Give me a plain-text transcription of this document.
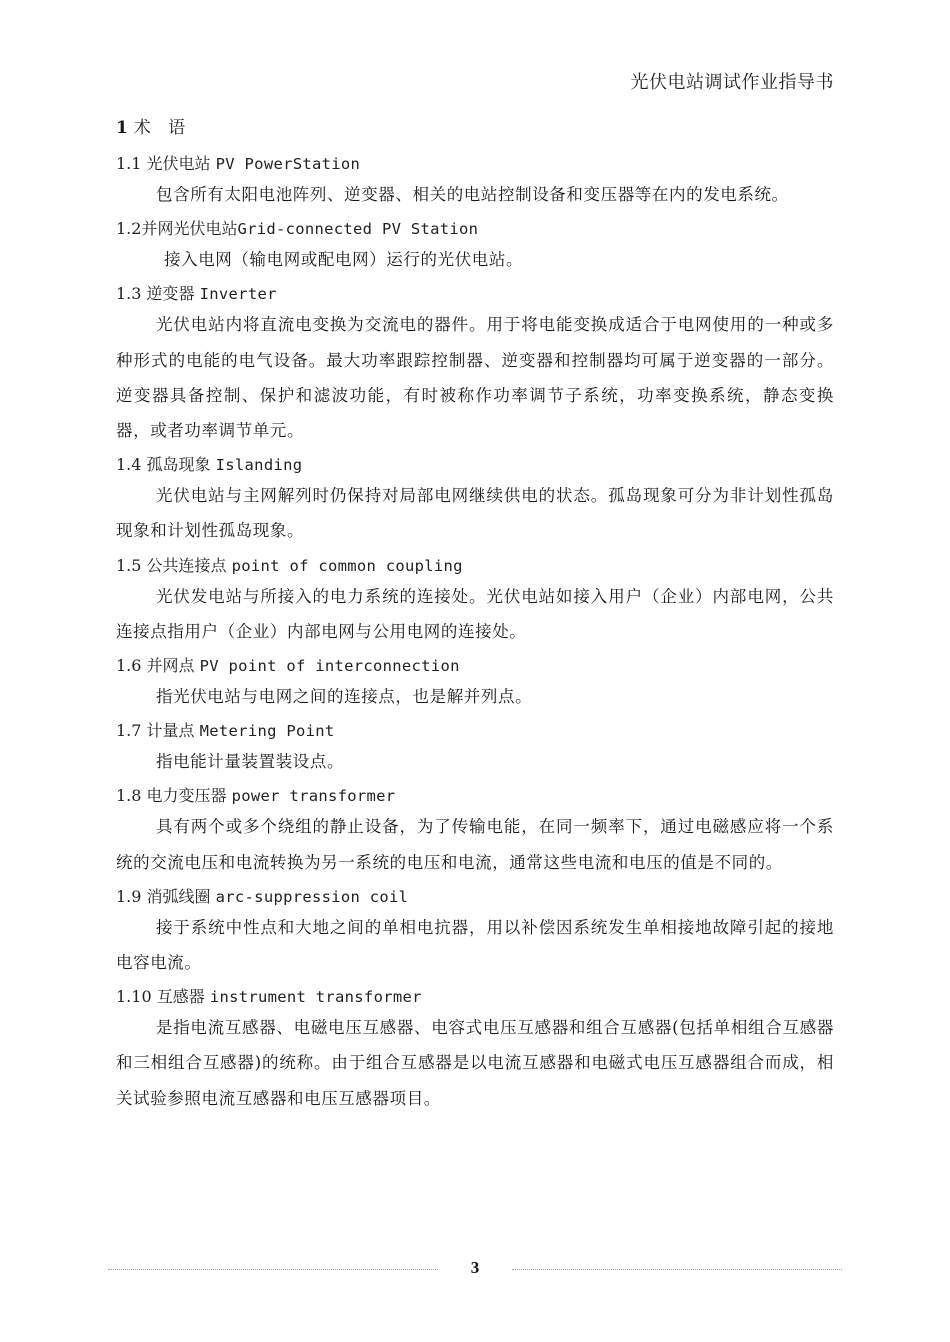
光伏电站调试作业指导书
1 术 语
1.1 光伏电站 PV PowerStation

包含所有太阳电池阵列、逆变器、相关的电站控制设备和变压器等在内的发电系统。

1.2并网光伏电站Grid-connected PV Station

接入电网（输电网或配电网）运行的光伏电站。

1.3 逆变器 Inverter

光伏电站内将直流电变换为交流电的器件。用于将电能变换成适合于电网使用的一种或多种形式的电能的电气设备。最大功率跟踪控制器、逆变器和控制器均可属于逆变器的一部分。逆变器具备控制、保护和滤波功能，有时被称作功率调节子系统，功率变换系统，静态变换器，或者功率调节单元。

1.4 孤岛现象 Islanding

光伏电站与主网解列时仍保持对局部电网继续供电的状态。孤岛现象可分为非计划性孤岛现象和计划性孤岛现象。

1.5 公共连接点 point of common coupling

光伏发电站与所接入的电力系统的连接处。光伏电站如接入用户（企业）内部电网，公共连接点指用户（企业）内部电网与公用电网的连接处。

1.6 并网点 PV point of interconnection

指光伏电站与电网之间的连接点，也是解并列点。

1.7 计量点 Metering Point

指电能计量装置装设点。

1.8 电力变压器 power transformer

具有两个或多个绕组的静止设备，为了传输电能，在同一频率下，通过电磁感应将一个系统的交流电压和电流转换为另一系统的电压和电流，通常这些电流和电压的值是不同的。

1.9 消弧线圈 arc-suppression coil

接于系统中性点和大地之间的单相电抗器，用以补偿因系统发生单相接地故障引起的接地电容电流。

1.10 互感器 instrument transformer

是指电流互感器、电磁电压互感器、电容式电压互感器和组合互感器(包括单相组合互感器和三相组合互感器)的统称。由于组合互感器是以电流互感器和电磁式电压互感器组合而成，相关试验参照电流互感器和电压互感器项目。

3
